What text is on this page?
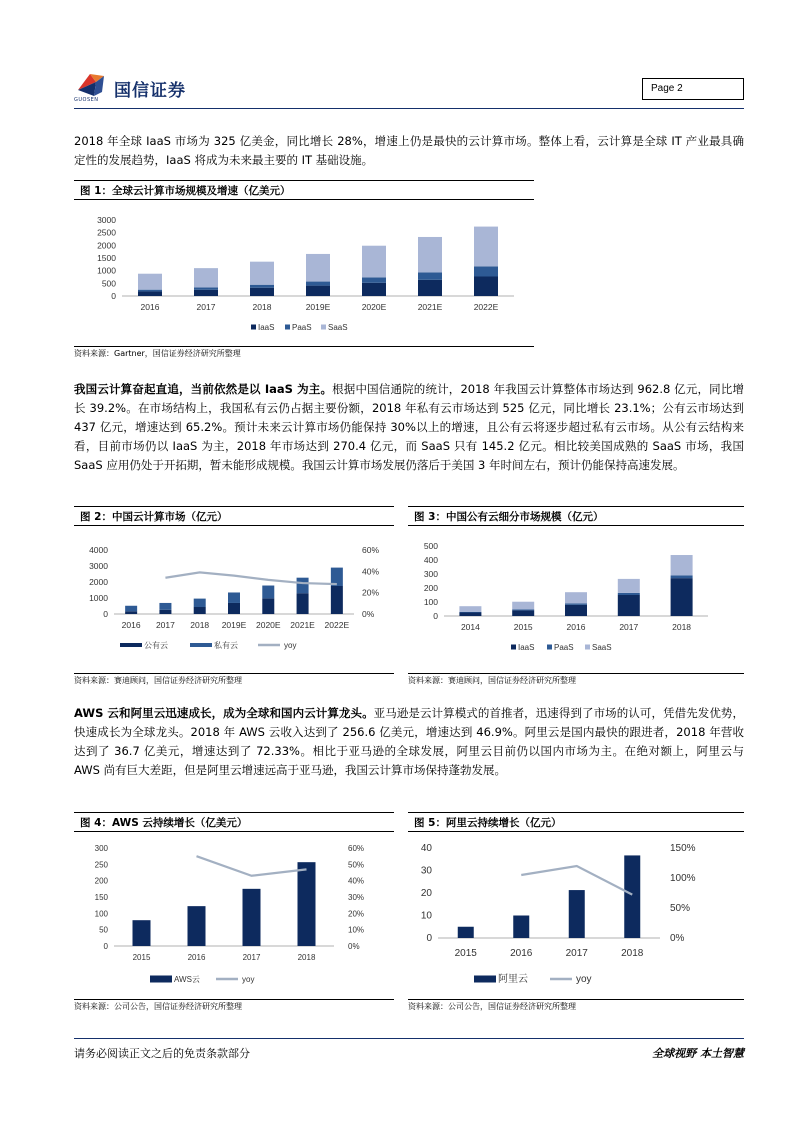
国信证券
GUOSEN
Page 2
2018 年全球 IaaS 市场为 325 亿美金，同比增长 28%，增速上仍是最快的云计算市场。整体上看，云计算是全球 IT 产业最具确定性的发展趋势，IaaS 将成为未来最主要的 IT 基础设施。
图 1：全球云计算市场规模及增速（亿美元）
0
500
1000
1500
2000
2500
3000
2016	2017	2018	2019E	2020E	2021E	2022E
IaaS PaaS SaaS
资料来源：Gartner，国信证券经济研究所整理
我国云计算奋起直追，当前依然是以 IaaS 为主。根据中国信通院的统计，2018 年我国云计算整体市场达到 962.8 亿元，同比增长 39.2%。在市场结构上，我国私有云仍占据主要份额，2018 年私有云市场达到 525 亿元，同比增长 23.1%；公有云市场达到 437 亿元，增速达到 65.2%。预计未来云计算市场仍能保持 30%以上的增速，且公有云将逐步超过私有云市场。从公有云结构来看，目前市场仍以 IaaS 为主，2018 年市场达到 270.4 亿元，而 SaaS 只有 145.2 亿元。相比较美国成熟的 SaaS 市场，我国 SaaS 应用仍处于开拓期，暂未能形成规模。我国云计算市场发展仍落后于美国 3 年时间左右，预计仍能保持高速发展。
图 2：中国云计算市场（亿元）
0
1000
2000
3000
4000
0%
20%
40%
60%
2016 2017 2018 2019E 2020E 2021E 2022E
公有云	私有云	yoy
资料来源：赛迪顾问，国信证券经济研究所整理
图 3：中国公有云细分市场规模（亿元）
0
100
200
300
400
500
2014	2015	2016	2017	2018
IaaS PaaS SaaS
资料来源：赛迪顾问，国信证券经济研究所整理
AWS 云和阿里云迅速成长，成为全球和国内云计算龙头。亚马逊是云计算模式的首推者，迅速得到了市场的认可，凭借先发优势，快速成长为全球龙头。2018 年 AWS 云收入达到了 256.6 亿美元，增速达到 46.9%。阿里云是国内最快的跟进者，2018 年营收达到了 36.7 亿美元，增速达到了 72.33%。相比于亚马逊的全球发展，阿里云目前仍以国内市场为主。在绝对额上，阿里云与 AWS 尚有巨大差距，但是阿里云增速远高于亚马逊，我国云计算市场保持蓬勃发展。
图 4：AWS 云持续增长（亿美元）
0
50
100
150
200
250
300
0%
10%
20%
30%
40%
50%
60%
2015	2016	2017	2018
AWS云	yoy
资料来源：公司公告，国信证券经济研究所整理
图 5：阿里云持续增长（亿元）
0
10
20
30
40
0%
50%
100%
150%
2015	2016	2017	2018
阿里云	yoy
资料来源：公司公告，国信证券经济研究所整理
请务必阅读正文之后的免责条款部分	全球视野 本土智慧
